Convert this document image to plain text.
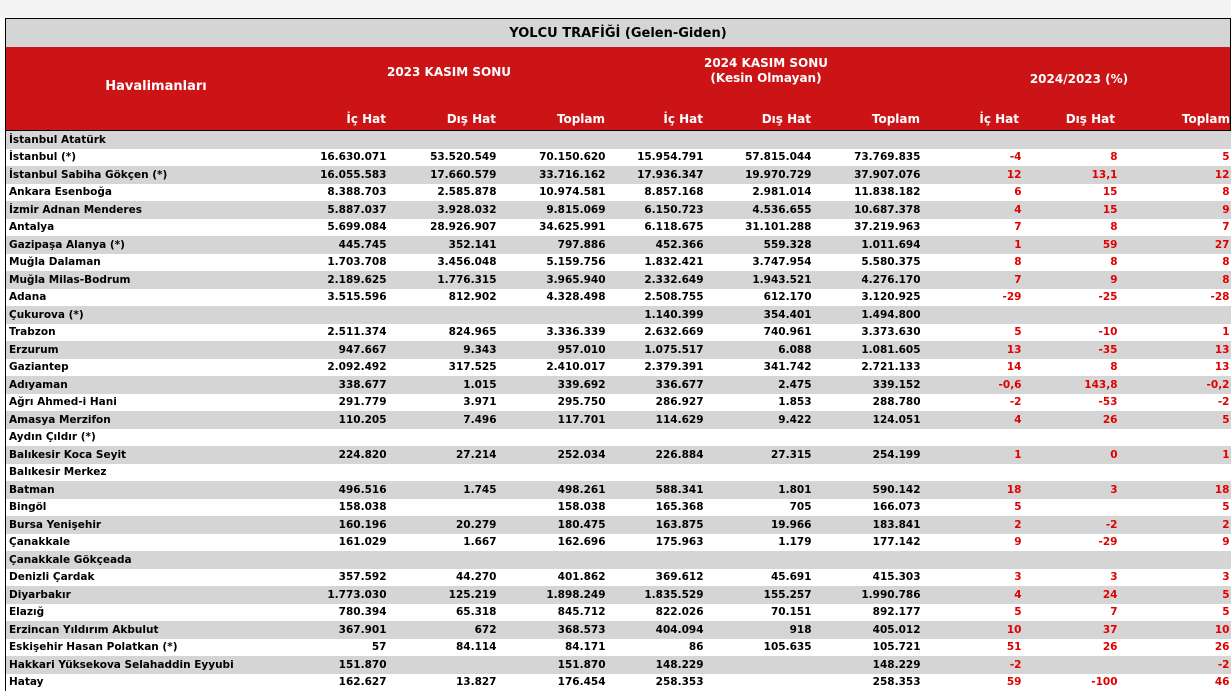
YOLCU TRAFİĞİ (Gelen-Giden)
Havalimanları
2023 KASIM SONU
2024 KASIM SONU
(Kesin Olmayan)	2024/2023 (%)
İç Hat	Dış Hat	Toplam	İç Hat	Dış Hat	Toplam	İç Hat	Dış Hat	Toplam
İstanbul Atatürk									
İstanbul (*)	16.630.071	53.520.549	70.150.620	15.954.791	57.815.044	73.769.835	-4	8	5
İstanbul Sabiha Gökçen (*)	16.055.583	17.660.579	33.716.162	17.936.347	19.970.729	37.907.076	12	13,1	12
Ankara Esenboğa	8.388.703	2.585.878	10.974.581	8.857.168	2.981.014	11.838.182	6	15	8
İzmir Adnan Menderes	5.887.037	3.928.032	9.815.069	6.150.723	4.536.655	10.687.378	4	15	9
Antalya	5.699.084	28.926.907	34.625.991	6.118.675	31.101.288	37.219.963	7	8	7
Gazipaşa Alanya (*)	445.745	352.141	797.886	452.366	559.328	1.011.694	1	59	27
Muğla Dalaman	1.703.708	3.456.048	5.159.756	1.832.421	3.747.954	5.580.375	8	8	8
Muğla Milas-Bodrum	2.189.625	1.776.315	3.965.940	2.332.649	1.943.521	4.276.170	7	9	8
Adana	3.515.596	812.902	4.328.498	2.508.755	612.170	3.120.925	-29	-25	-28
Çukurova (*)				1.140.399	354.401	1.494.800			
Trabzon	2.511.374	824.965	3.336.339	2.632.669	740.961	3.373.630	5	-10	1
Erzurum	947.667	9.343	957.010	1.075.517	6.088	1.081.605	13	-35	13
Gaziantep	2.092.492	317.525	2.410.017	2.379.391	341.742	2.721.133	14	8	13
Adıyaman	338.677	1.015	339.692	336.677	2.475	339.152	-0,6	143,8	-0,2
Ağrı Ahmed-i Hani	291.779	3.971	295.750	286.927	1.853	288.780	-2	-53	-2
Amasya Merzifon	110.205	7.496	117.701	114.629	9.422	124.051	4	26	5
Aydın Çıldır (*)									
Balıkesir Koca Seyit	224.820	27.214	252.034	226.884	27.315	254.199	1	0	1
Balıkesir Merkez									
Batman	496.516	1.745	498.261	588.341	1.801	590.142	18	3	18
Bingöl	158.038		158.038	165.368	705	166.073	5		5
Bursa Yenişehir	160.196	20.279	180.475	163.875	19.966	183.841	2	-2	2
Çanakkale	161.029	1.667	162.696	175.963	1.179	177.142	9	-29	9
Çanakkale Gökçeada									
Denizli Çardak	357.592	44.270	401.862	369.612	45.691	415.303	3	3	3
Diyarbakır	1.773.030	125.219	1.898.249	1.835.529	155.257	1.990.786	4	24	5
Elazığ	780.394	65.318	845.712	822.026	70.151	892.177	5	7	5
Erzincan Yıldırım Akbulut	367.901	672	368.573	404.094	918	405.012	10	37	10
Eskişehir Hasan Polatkan (*)	57	84.114	84.171	86	105.635	105.721	51	26	26
Hakkari Yüksekova Selahaddin Eyyubi	151.870		151.870	148.229		148.229	-2		-2
Hatay	162.627	13.827	176.454	258.353		258.353	59	-100	46
